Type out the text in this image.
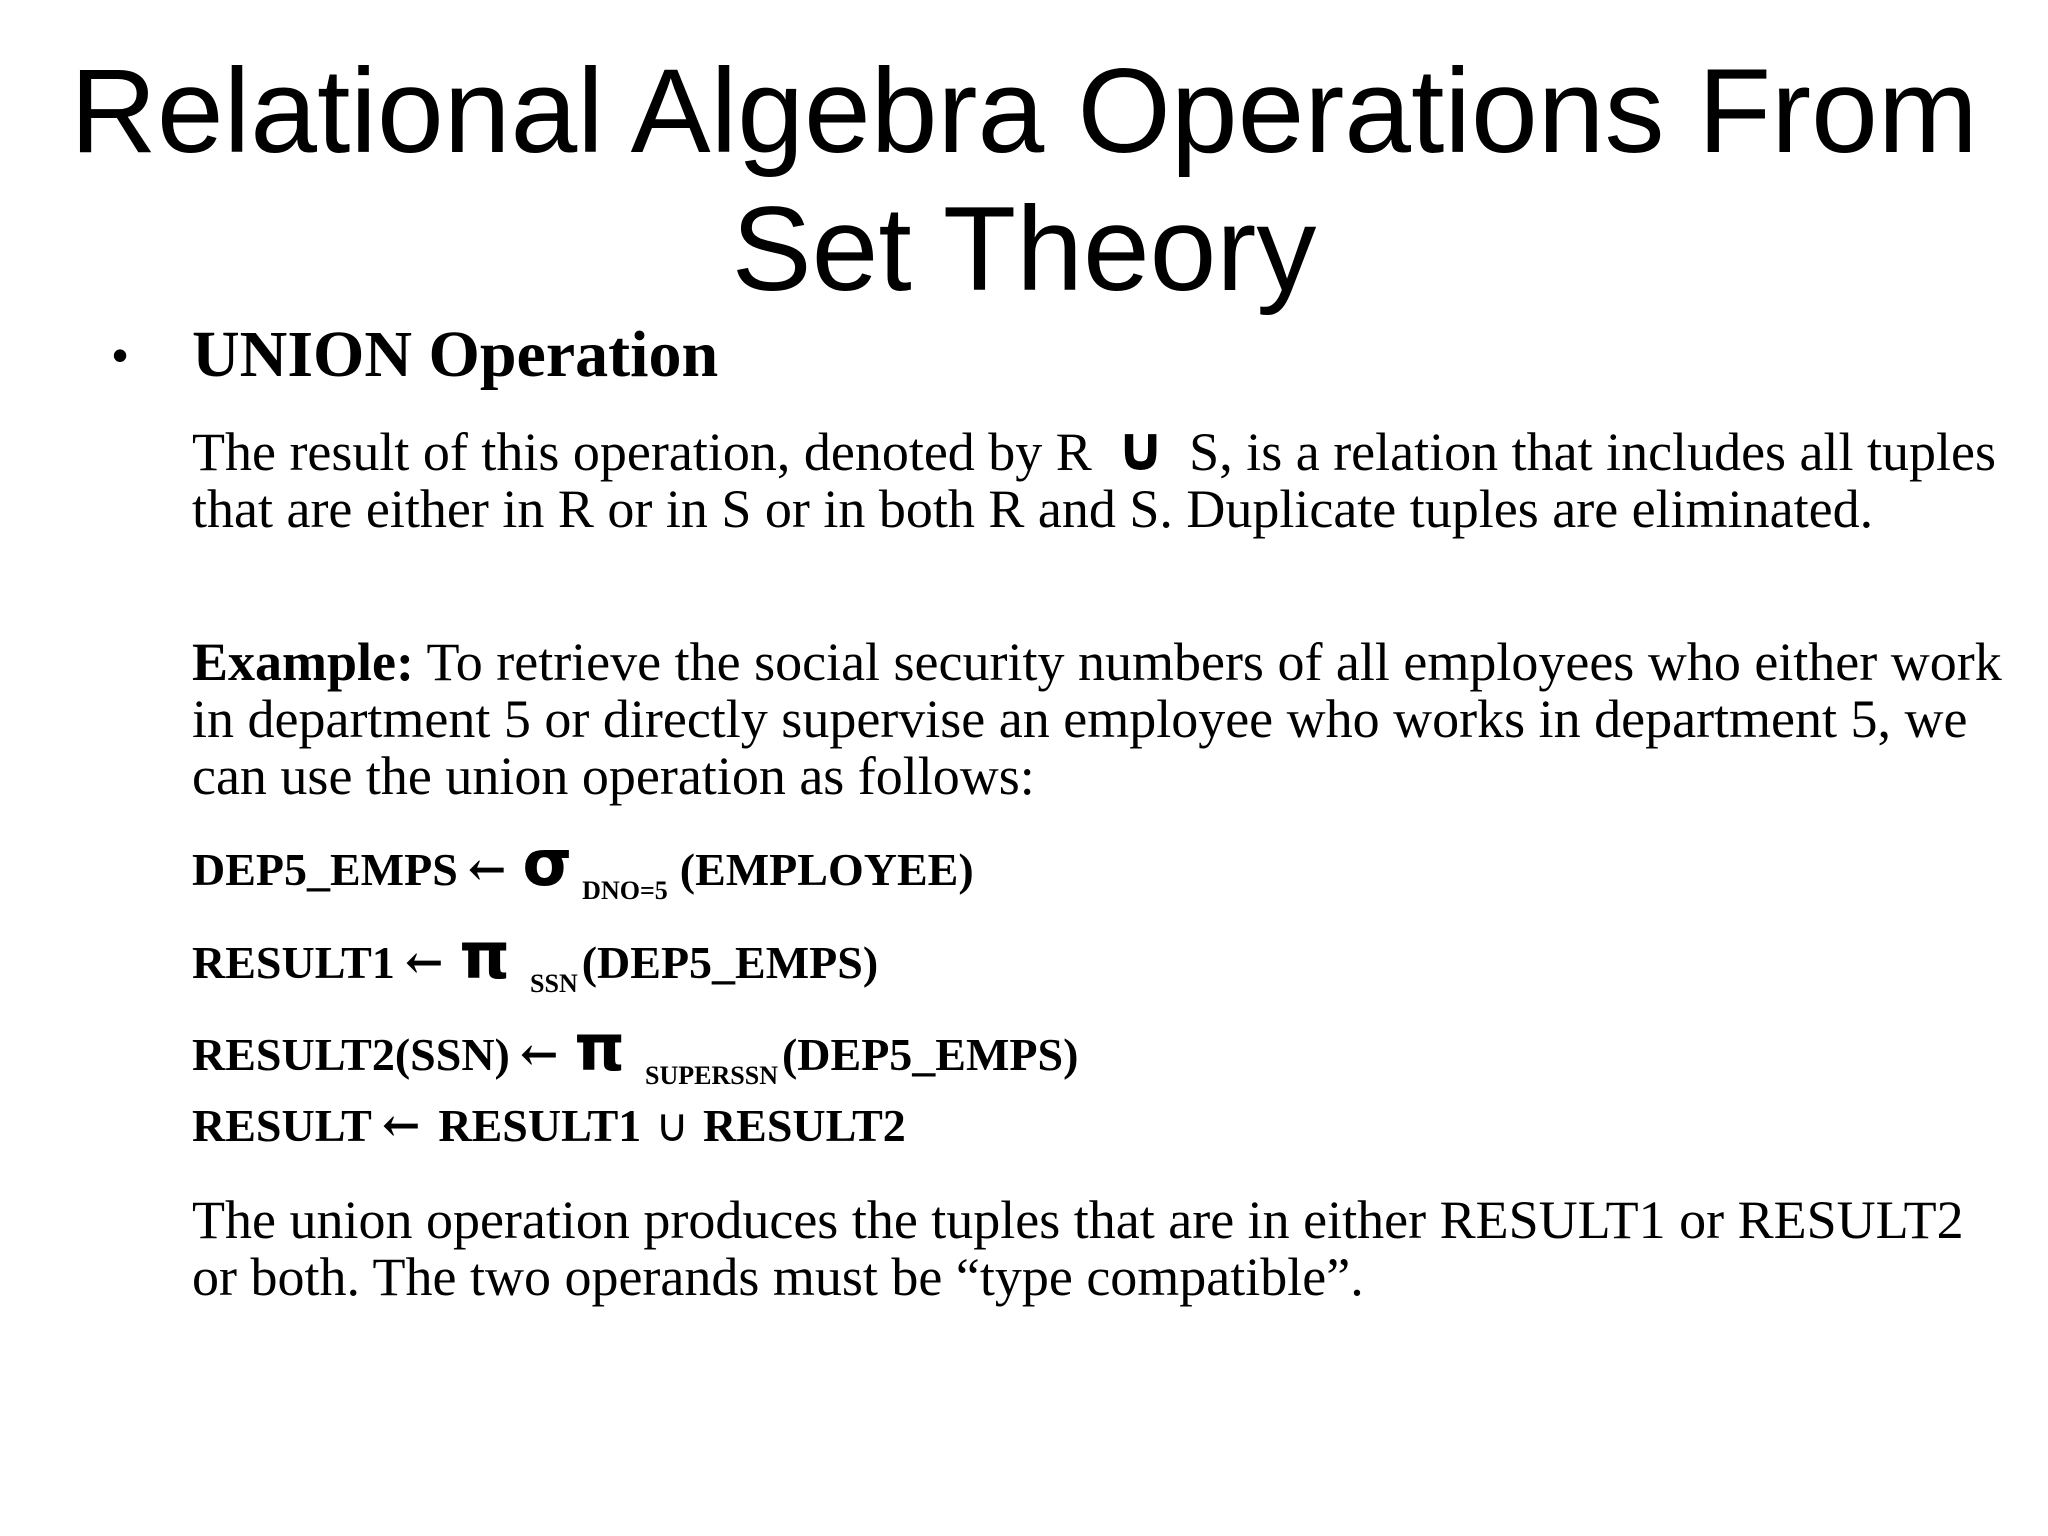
Relational Algebra Operations From
Set Theory
• UNION Operation

The result of this operation, denoted by R ∪ S, is a relation that includes all tuples that are either in R or in S or in both R and S. Duplicate tuples are eliminated.

Example: To retrieve the social security numbers of all employees who either work in department 5 or directly supervise an employee who works in department 5, we can use the union operation as follows:

DEP5_EMPS ← σ DNO=5 (EMPLOYEE)
RESULT1 ← π SSN (DEP5_EMPS)
RESULT2(SSN) ← π SUPERSSN (DEP5_EMPS)
RESULT ← RESULT1 ∪ RESULT2

The union operation produces the tuples that are in either RESULT1 or RESULT2 or both. The two operands must be “type compatible”.
